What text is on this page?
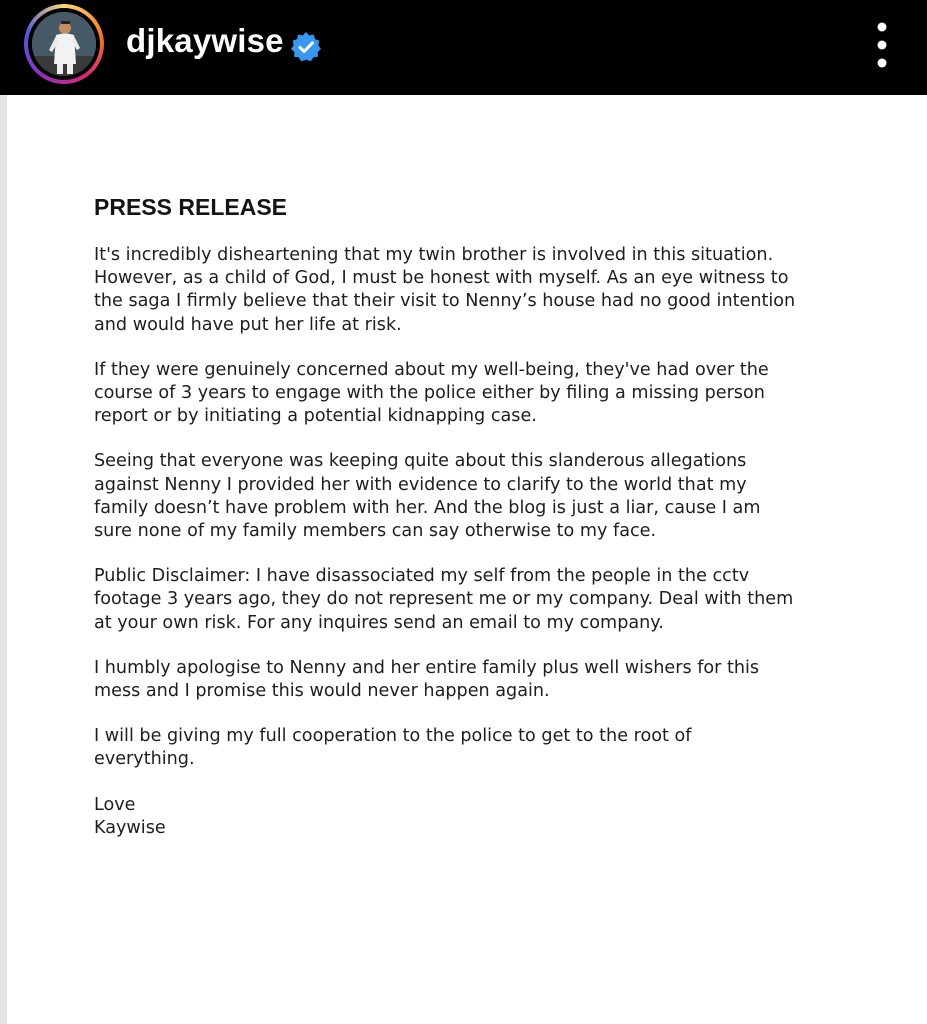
djkaywise
PRESS RELEASE

It's incredibly disheartening that my twin brother is involved in this situation.
However, as a child of God, I must be honest with myself. As an eye witness to
the saga I firmly believe that their visit to Nenny’s house had no good intention
and would have put her life at risk.

If they were genuinely concerned about my well-being, they've had over the
course of 3 years to engage with the police either by filing a missing person
report or by initiating a potential kidnapping case.

Seeing that everyone was keeping quite about this slanderous allegations
against Nenny I provided her with evidence to clarify to the world that my
family doesn’t have problem with her. And the blog is just a liar, cause I am
sure none of my family members can say otherwise to my face.

Public Disclaimer: I have disassociated my self from the people in the cctv
footage 3 years ago, they do not represent me or my company. Deal with them
at your own risk. For any inquires send an email to my company.

I humbly apologise to Nenny and her entire family plus well wishers for this
mess and I promise this would never happen again.

I will be giving my full cooperation to the police to get to the root of
everything.

Love
Kaywise
